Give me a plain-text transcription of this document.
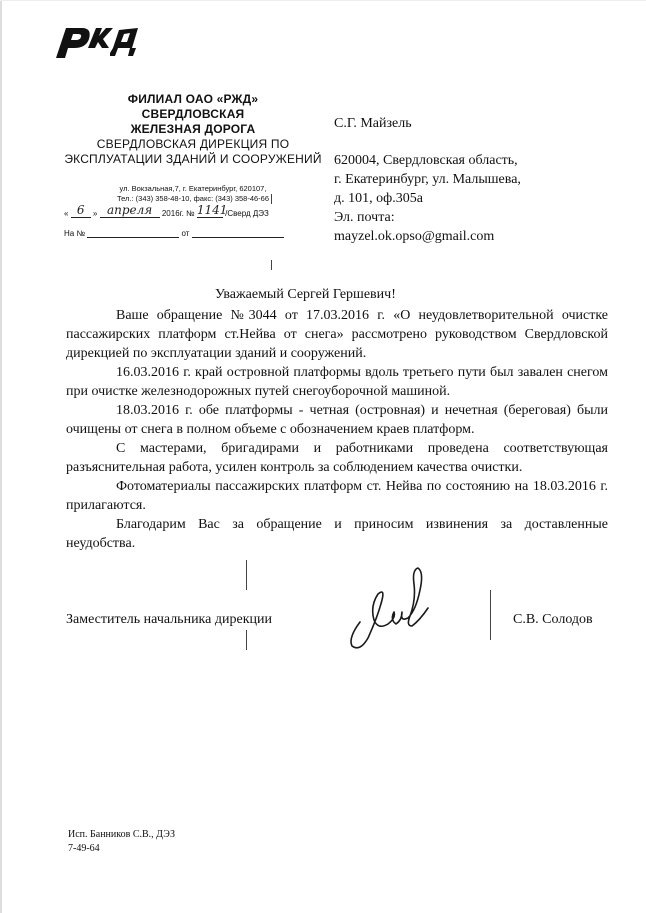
ФИЛИАЛ ОАО «РЖД»
СВЕРДЛОВСКАЯ
ЖЕЛЕЗНАЯ ДОРОГА
СВЕРДЛОВСКАЯ ДИРЕКЦИЯ ПО
ЭКСПЛУАТАЦИИ ЗДАНИЙ И СООРУЖЕНИЙ
ул. Вокзальная,7, г. Екатеринбург, 620107,
Тел.: (343) 358-48-10, факс: (343) 358-46-66
« 6 » апреля 2016г. № 1141 /Сверд ДЭЗ
На №	от
С.Г. Майзель
620004, Свердловская область,
г. Екатеринбург, ул. Малышева,
д. 101, оф.305а
Эл. почта:
mayzel.ok.opso@gmail.com
Уважаемый Сергей Гершевич!

Ваше обращение №3044 от 17.03.2016 г. «О неудовлетворительной очистке пассажирских платформ ст.Нейва от снега» рассмотрено руководством Свердловской дирекцией по эксплуатации зданий и сооружений.

16.03.2016 г. край островной платформы вдоль третьего пути был завален снегом при очистке железнодорожных путей снегоуборочной машиной.

18.03.2016 г. обе платформы - четная (островная) и нечетная (береговая) были очищены от снега в полном объеме с обозначением краев платформ.

С мастерами, бригадирами и работниками проведена соответствующая разъяснительная работа, усилен контроль за соблюдением качества очистки.

Фотоматериалы пассажирских платформ ст. Нейва по состоянию на 18.03.2016 г. прилагаются.

Благодарим Вас за обращение и приносим извинения за доставленные неудобства.

Заместитель начальника дирекции	С.В. Солодов
Исп. Банников С.В., ДЭЗ
7-49-64
